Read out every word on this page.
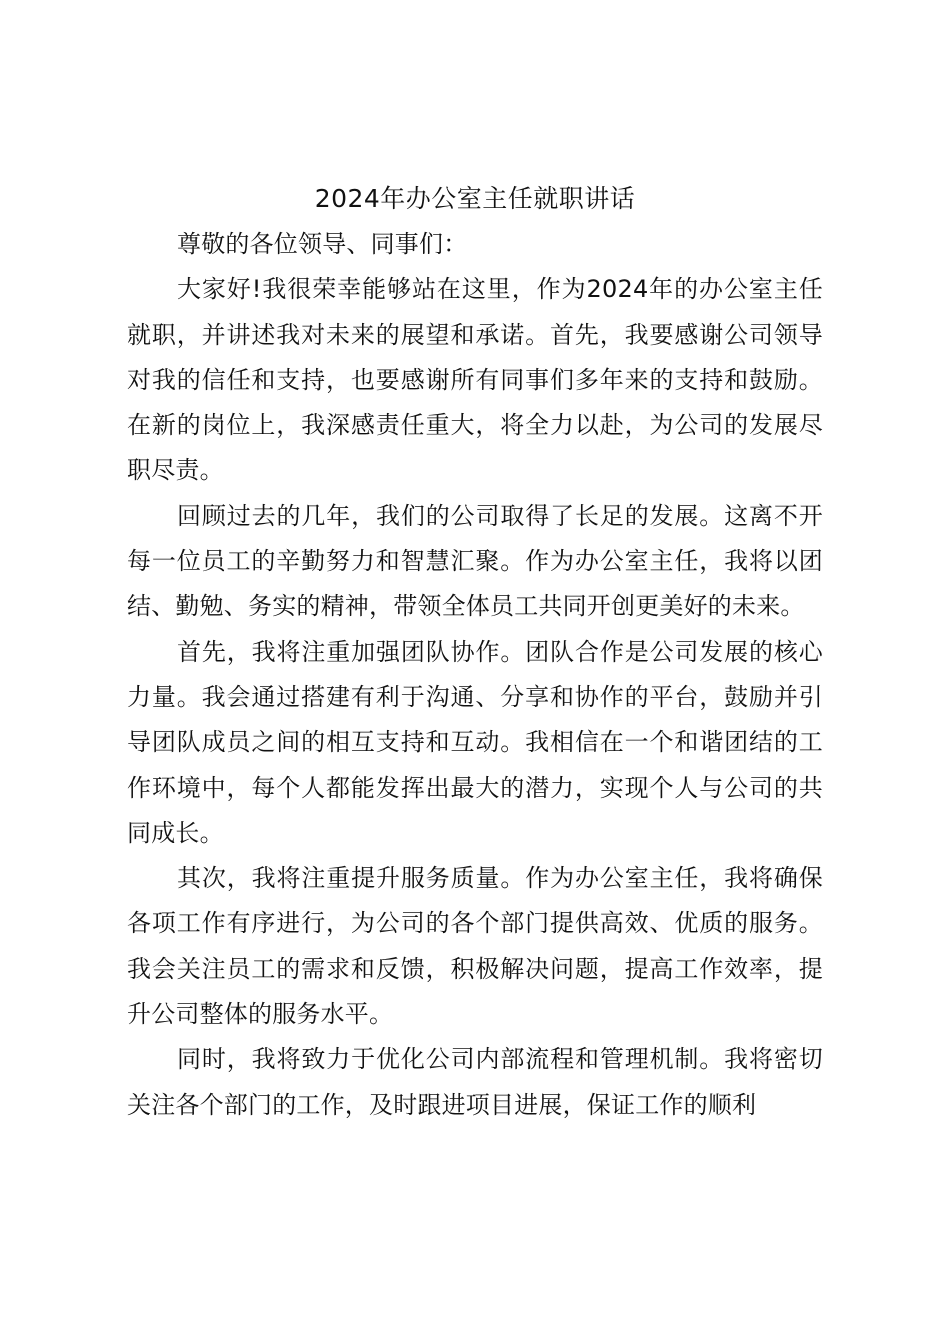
2024年办公室主任就职讲话

尊敬的各位领导、同事们：

大家好!我很荣幸能够站在这里，作为2024年的办公室主任就职，并讲述我对未来的展望和承诺。首先，我要感谢公司领导对我的信任和支持，也要感谢所有同事们多年来的支持和鼓励。在新的岗位上，我深感责任重大，将全力以赴，为公司的发展尽职尽责。

回顾过去的几年，我们的公司取得了长足的发展。这离不开每一位员工的辛勤努力和智慧汇聚。作为办公室主任，我将以团结、勤勉、务实的精神，带领全体员工共同开创更美好的未来。

首先，我将注重加强团队协作。团队合作是公司发展的核心力量。我会通过搭建有利于沟通、分享和协作的平台，鼓励并引导团队成员之间的相互支持和互动。我相信在一个和谐团结的工作环境中，每个人都能发挥出最大的潜力，实现个人与公司的共同成长。

其次，我将注重提升服务质量。作为办公室主任，我将确保各项工作有序进行，为公司的各个部门提供高效、优质的服务。我会关注员工的需求和反馈，积极解决问题，提高工作效率，提升公司整体的服务水平。

同时，我将致力于优化公司内部流程和管理机制。我将密切关注各个部门的工作，及时跟进项目进展，保证工作的顺利
